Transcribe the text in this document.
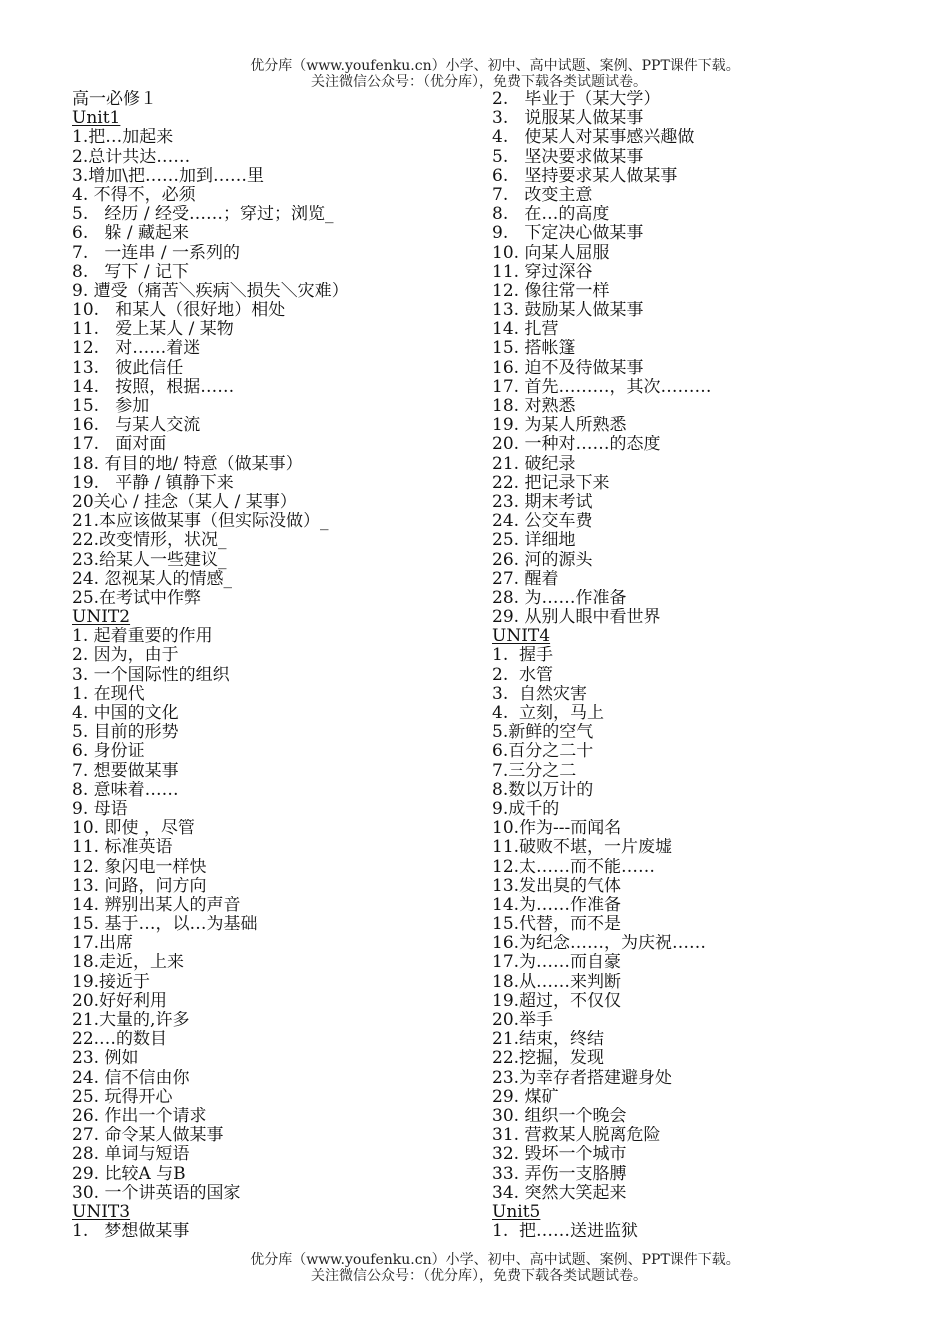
优分库（www.youfenku.cn）小学、初中、高中试题、案例、PPT课件下载。
关注微信公众号：（优分库），免费下载各类试题试卷。
高一必修１
Unit1
1.把…加起来
2.总计共达……
3.增加\把……加到……里
4. 不得不，必须
5.   经历 / 经受……；穿过；浏览_
6.   躲 / 藏起来
7.   一连串 / 一系列的
8.   写下 / 记下
9. 遭受（痛苦＼疾病＼损失＼灾难）
10.   和某人（很好地）相处
11.   爱上某人 / 某物
12.   对……着迷
13.   彼此信任
14.   按照，根据……
15.   参加
16.   与某人交流
17.   面对面
18. 有目的地/ 特意（做某事）
19.   平静 / 镇静下来
20关心 / 挂念（某人 / 某事）
21.本应该做某事（但实际没做）_
22.改变情形，状况_
23.给某人一些建议_
24. 忽视某人的情感_
25.在考试中作弊
UNIT2
1. 起着重要的作用
2. 因为，由于
3. 一个国际性的组织
1. 在现代
4. 中国的文化
5. 目前的形势
6. 身份证
7. 想要做某事
8. 意味着……
9. 母语
10. 即使 ，尽管
11. 标准英语
12. 象闪电一样快
13. 问路，问方向
14. 辨别出某人的声音
15. 基于…，以…为基础
17.出席
18.走近，上来
19.接近于
20.好好利用
21.大量的,许多
22.…的数目
23. 例如
24. 信不信由你
25. 玩得开心
26. 作出一个请求
27. 命令某人做某事
28. 单词与短语
29. 比较A 与B
30. 一个讲英语的国家
UNIT3
1.   梦想做某事
2.   毕业于（某大学）
3.   说服某人做某事
4.   使某人对某事感兴趣做
5.   坚决要求做某事
6.   坚持要求某人做某事
7.   改变主意
8.   在…的高度
9.   下定决心做某事
10. 向某人屈服
11. 穿过深谷
12. 像往常一样
13. 鼓励某人做某事
14. 扎营
15. 搭帐篷
16. 迫不及待做某事
17. 首先………，其次………
18. 对熟悉
19. 为某人所熟悉
20. 一种对……的态度
21. 破纪录
22. 把记录下来
23. 期末考试
24. 公交车费
25. 详细地
26. 河的源头
27. 醒着
28. 为……作准备
29. 从别人眼中看世界
UNIT4
1.  握手
2.  水管
3.  自然灾害
4.  立刻，马上
5.新鲜的空气
6.百分之二十
7.三分之二
8.数以万计的
9.成千的
10.作为---而闻名
11.破败不堪，一片废墟
12.太……而不能……
13.发出臭的气体
14.为……作准备
15.代替，而不是
16.为纪念……，为庆祝……
17.为……而自豪
18.从……来判断
19.超过，不仅仅
20.举手
21.结束，终结
22.挖掘，发现
23.为幸存者搭建避身处
29. 煤矿
30. 组织一个晚会
31. 营救某人脱离危险
32. 毁坏一个城市
33. 弄伤一支胳膊
34. 突然大笑起来
Unit5
1.  把……送进监狱
优分库（www.youfenku.cn）小学、初中、高中试题、案例、PPT课件下载。
关注微信公众号：（优分库），免费下载各类试题试卷。
